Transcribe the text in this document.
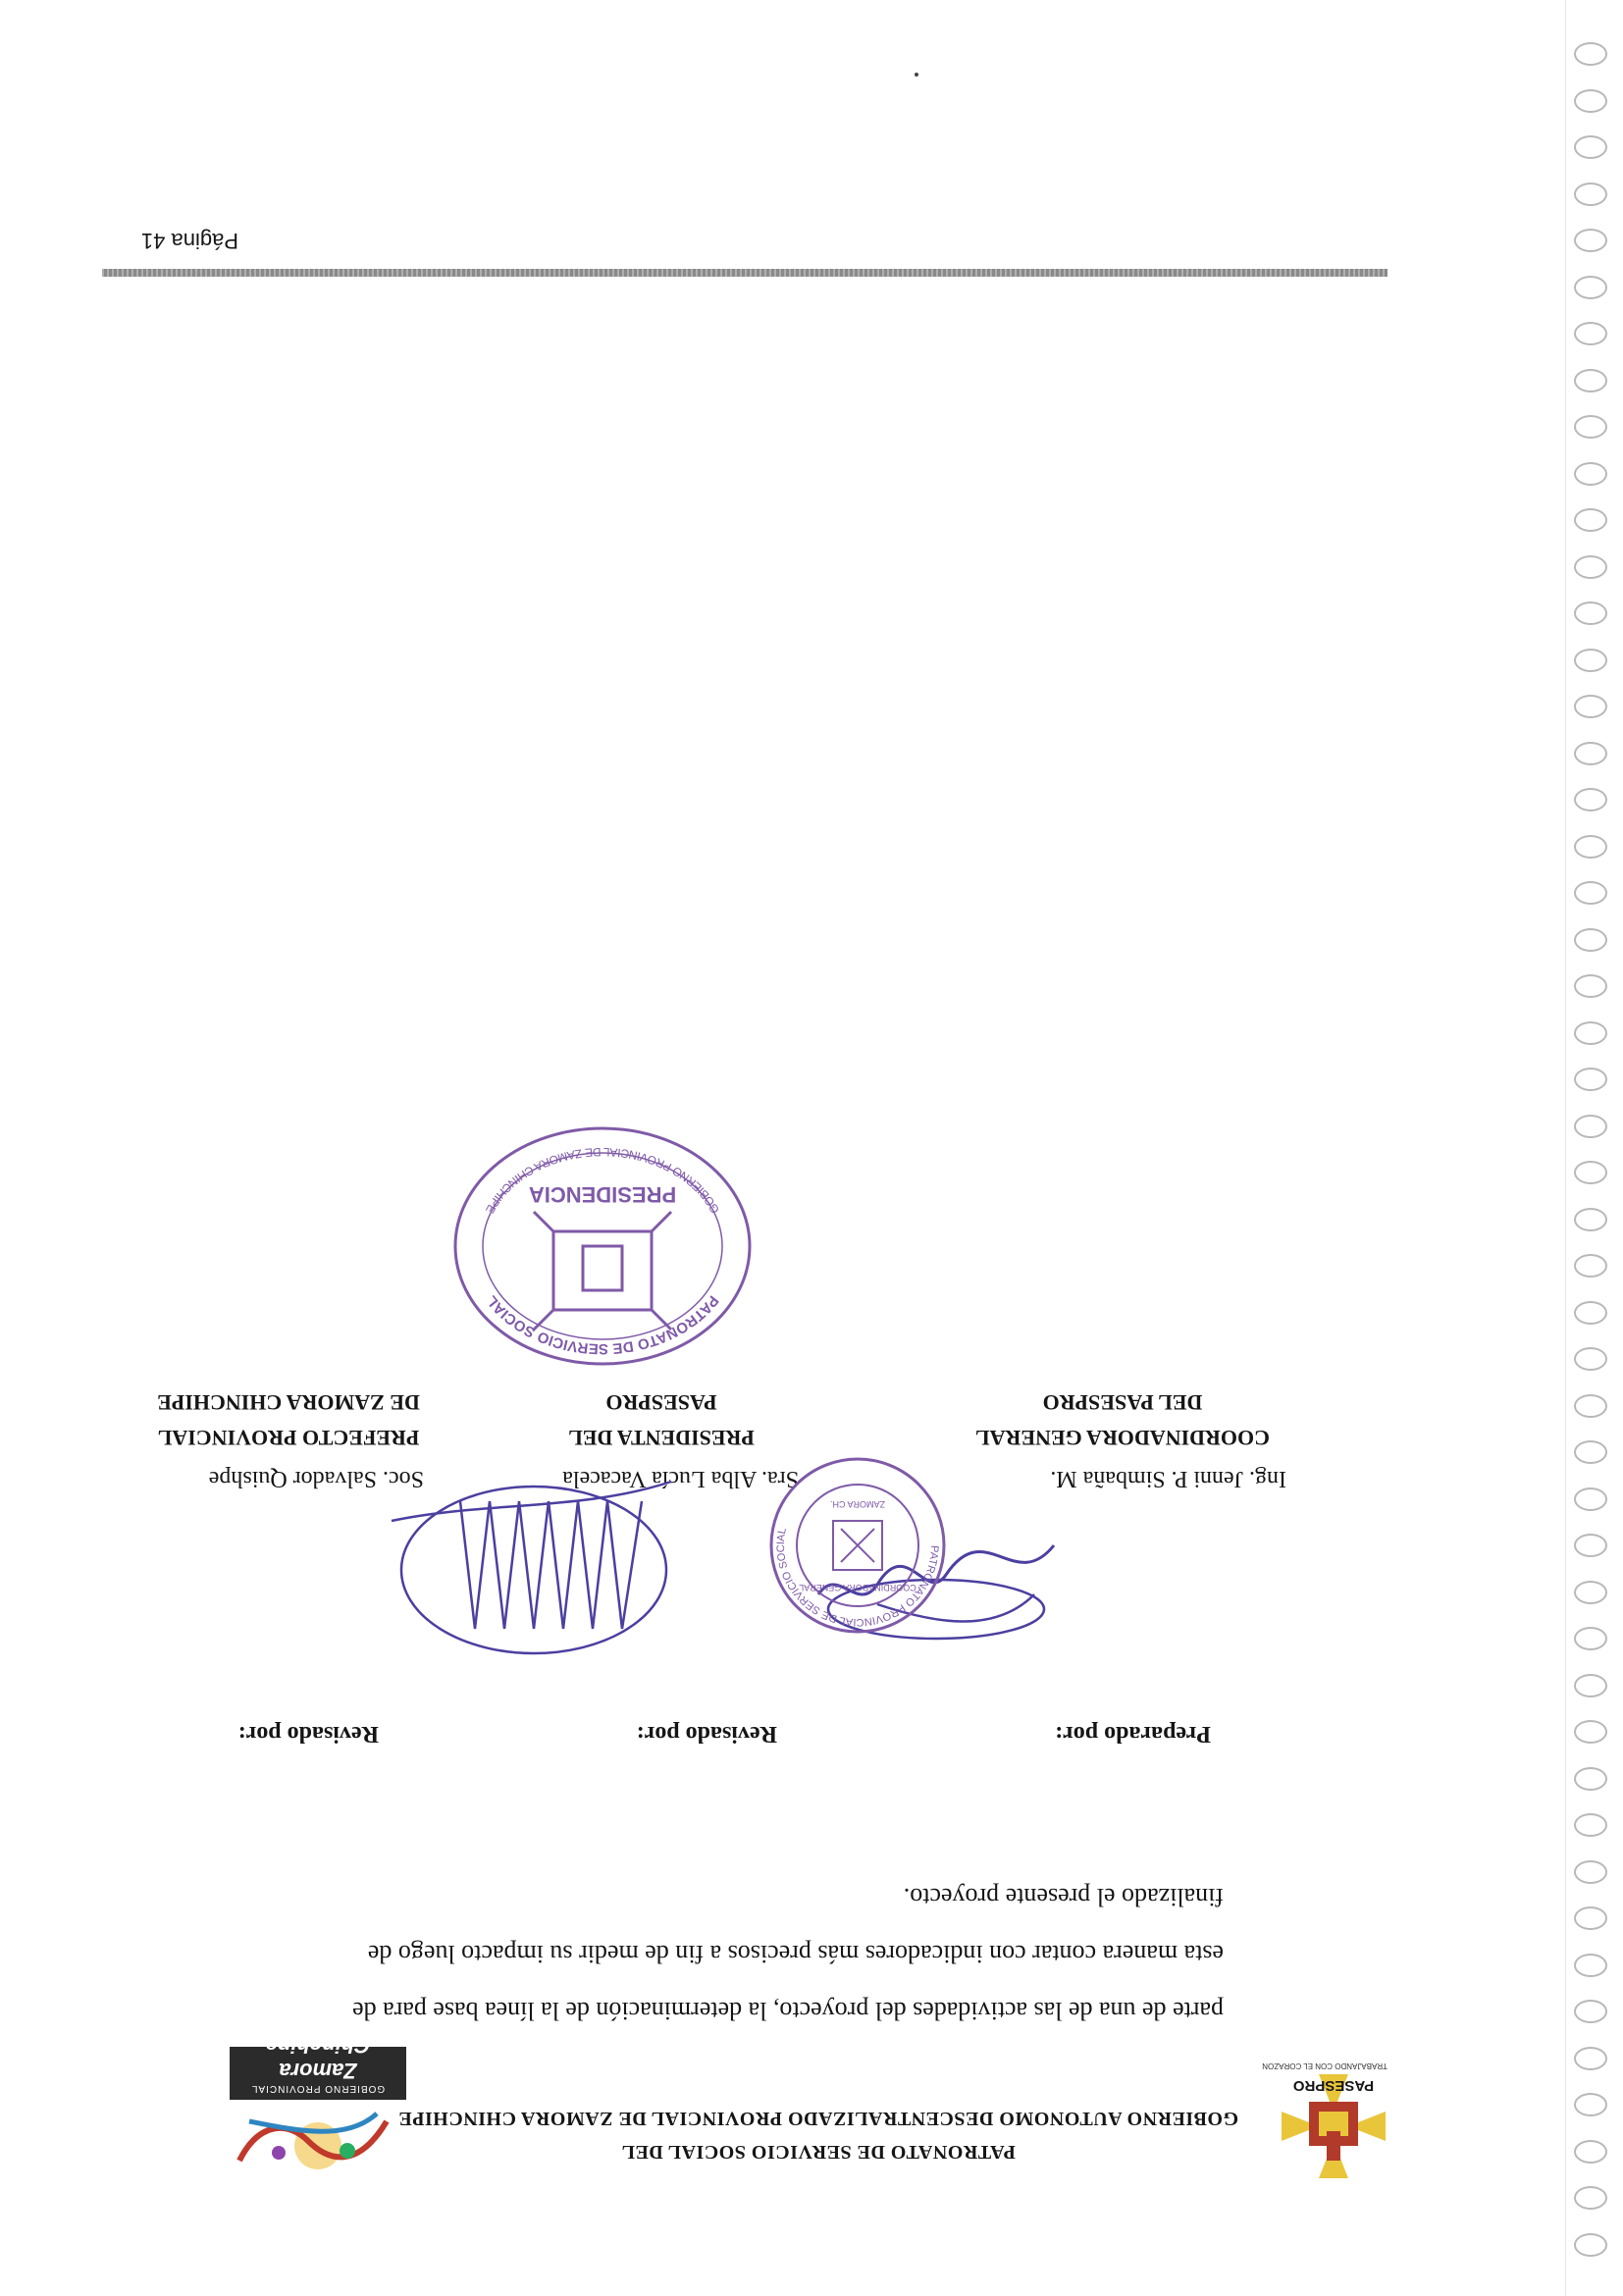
PASESPRO
PATRONATO DE SERVICIO SOCIAL DEL
GOBIERNO AUTONOMO DESCENTRALIZADO PROVINCIAL DE ZAMORA CHINCHIPE
TRABAJANDO CON EL CORAZON
GOBIERNO PROVINCIAL
Zamora Chinchipe

parte de una de las actividades del proyecto, la determinación de la línea base para de

esta manera contar con indicadores más precisos a fin de medir su impacto luego de

finalizado el presente proyecto.

Preparado por:
Revisado por:
Revisado por:
Ing. Jenni P. Simbaña M.
Sra. Alba Lucía Vacacela
Soc. Salvador Quishpe
COORDINADORA GENERAL
DEL PASESPRO
PRESIDENTA DEL
PASESPRO
PREFECTO PROVINCIAL
DE ZAMORA CHINCHIPE
PATRONATO PROVINCIAL DE SERVICIO SOCIAL
COORDINADORA GENERAL
ZAMORA CH.
PATRONATO DE SERVICIO SOCIAL
GOBIERNO PROVINCIAL DE ZAMORA CHINCHIPE
PRESIDENCIA
Página 41
